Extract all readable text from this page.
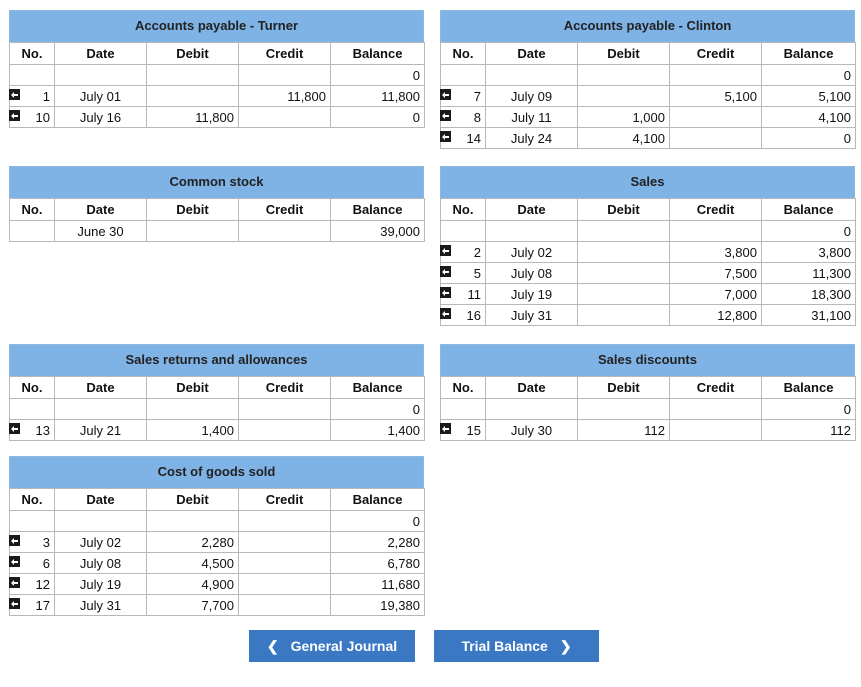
Accounts payable - Turner
No.	Date	Debit	Credit	Balance
				0

1	July 01		11,800	11,800

10	July 16	11,800		0
Accounts payable - Clinton
No.	Date	Debit	Credit	Balance
				0

7	July 09		5,100	5,100

8	July 11	1,000		4,100

14	July 24	4,100		0
Common stock
No.	Date	Debit	Credit	Balance
	June 30			39,000
Sales
No.	Date	Debit	Credit	Balance
				0

2	July 02		3,800	3,800

5	July 08		7,500	11,300

11	July 19		7,000	18,300

16	July 31		12,800	31,100
Sales returns and allowances
No.	Date	Debit	Credit	Balance
				0

13	July 21	1,400		1,400
Sales discounts
No.	Date	Debit	Credit	Balance
				0

15	July 30	112		112
Cost of goods sold
No.	Date	Debit	Credit	Balance
				0

3	July 02	2,280		2,280

6	July 08	4,500		6,780

12	July 19	4,900		11,680

17	July 31	7,700		19,380
❮ General Journal	Trial Balance ❯
